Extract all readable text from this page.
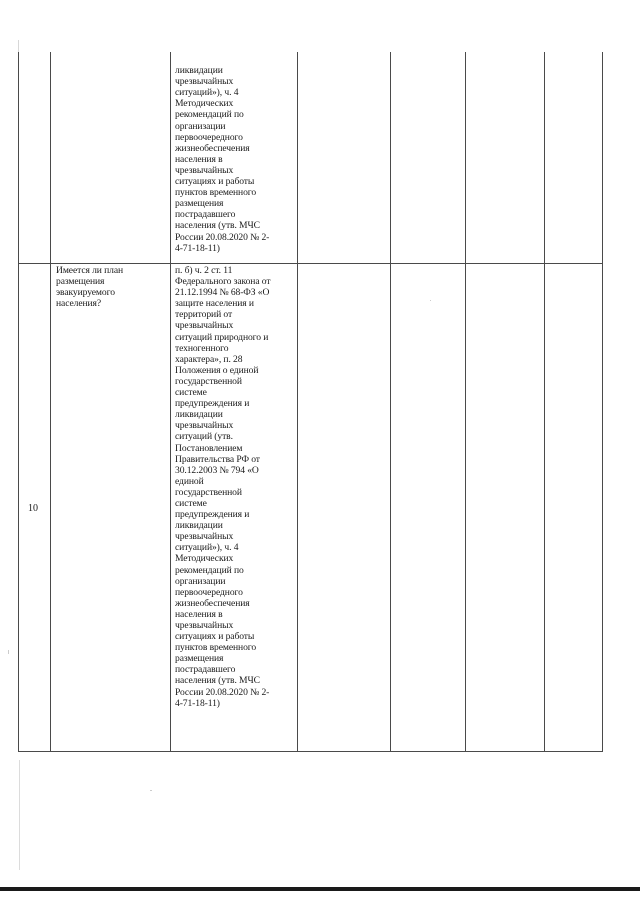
ликвидации
чрезвычайных
ситуаций»), ч. 4
Методических
рекомендаций по
организации
первоочередного
жизнеобеспечения
населения в
чрезвычайных
ситуациях и работы
пунктов временного
размещения
пострадавшего
населения (утв. МЧС
России 20.08.2020 № 2-
4-71-18-11)

10
Имеется ли план
размещения
эвакуируемого
населения?
п. б) ч. 2 ст. 11
Федерального закона от
21.12.1994 № 68-ФЗ «О
защите населения и
территорий от
чрезвычайных
ситуаций природного и
техногенного
характера», п. 28
Положения о единой
государственной
системе
предупреждения и
ликвидации
чрезвычайных
ситуаций (утв.
Постановлением
Правительства РФ от
30.12.2003 № 794 «О
единой
государственной
системе
предупреждения и
ликвидации
чрезвычайных
ситуаций»), ч. 4
Методических
рекомендаций по
организации
первоочередного
жизнеобеспечения
населения в
чрезвычайных
ситуациях и работы
пунктов временного
размещения
пострадавшего
населения (утв. МЧС
России 20.08.2020 № 2-
4-71-18-11)
